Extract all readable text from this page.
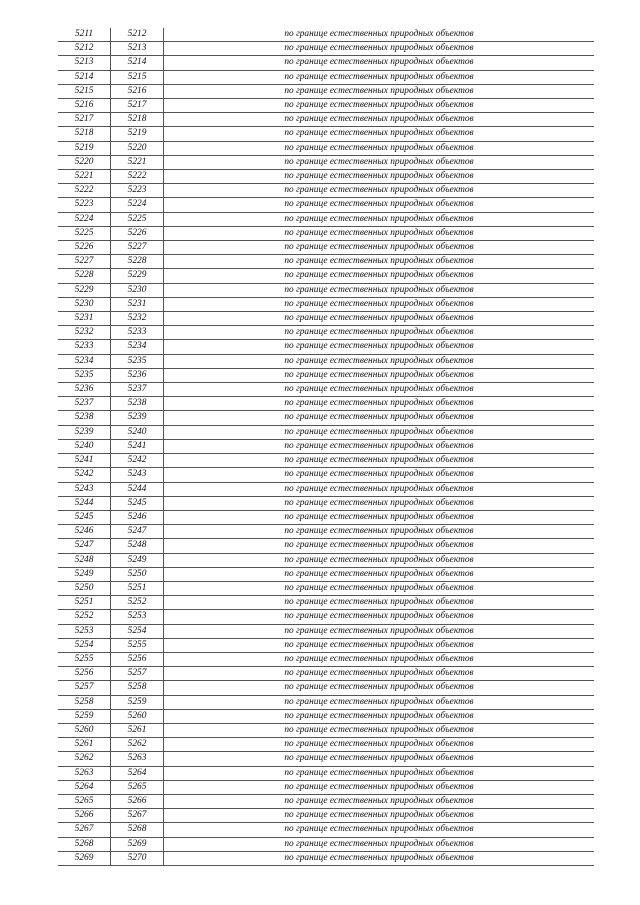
5211	5212	по границе естественных природных объектов
5212	5213	по границе естественных природных объектов
5213	5214	по границе естественных природных объектов
5214	5215	по границе естественных природных объектов
5215	5216	по границе естественных природных объектов
5216	5217	по границе естественных природных объектов
5217	5218	по границе естественных природных объектов
5218	5219	по границе естественных природных объектов
5219	5220	по границе естественных природных объектов
5220	5221	по границе естественных природных объектов
5221	5222	по границе естественных природных объектов
5222	5223	по границе естественных природных объектов
5223	5224	по границе естественных природных объектов
5224	5225	по границе естественных природных объектов
5225	5226	по границе естественных природных объектов
5226	5227	по границе естественных природных объектов
5227	5228	по границе естественных природных объектов
5228	5229	по границе естественных природных объектов
5229	5230	по границе естественных природных объектов
5230	5231	по границе естественных природных объектов
5231	5232	по границе естественных природных объектов
5232	5233	по границе естественных природных объектов
5233	5234	по границе естественных природных объектов
5234	5235	по границе естественных природных объектов
5235	5236	по границе естественных природных объектов
5236	5237	по границе естественных природных объектов
5237	5238	по границе естественных природных объектов
5238	5239	по границе естественных природных объектов
5239	5240	по границе естественных природных объектов
5240	5241	по границе естественных природных объектов
5241	5242	по границе естественных природных объектов
5242	5243	по границе естественных природных объектов
5243	5244	по границе естественных природных объектов
5244	5245	по границе естественных природных объектов
5245	5246	по границе естественных природных объектов
5246	5247	по границе естественных природных объектов
5247	5248	по границе естественных природных объектов
5248	5249	по границе естественных природных объектов
5249	5250	по границе естественных природных объектов
5250	5251	по границе естественных природных объектов
5251	5252	по границе естественных природных объектов
5252	5253	по границе естественных природных объектов
5253	5254	по границе естественных природных объектов
5254	5255	по границе естественных природных объектов
5255	5256	по границе естественных природных объектов
5256	5257	по границе естественных природных объектов
5257	5258	по границе естественных природных объектов
5258	5259	по границе естественных природных объектов
5259	5260	по границе естественных природных объектов
5260	5261	по границе естественных природных объектов
5261	5262	по границе естественных природных объектов
5262	5263	по границе естественных природных объектов
5263	5264	по границе естественных природных объектов
5264	5265	по границе естественных природных объектов
5265	5266	по границе естественных природных объектов
5266	5267	по границе естественных природных объектов
5267	5268	по границе естественных природных объектов
5268	5269	по границе естественных природных объектов
5269	5270	по границе естественных природных объектов
